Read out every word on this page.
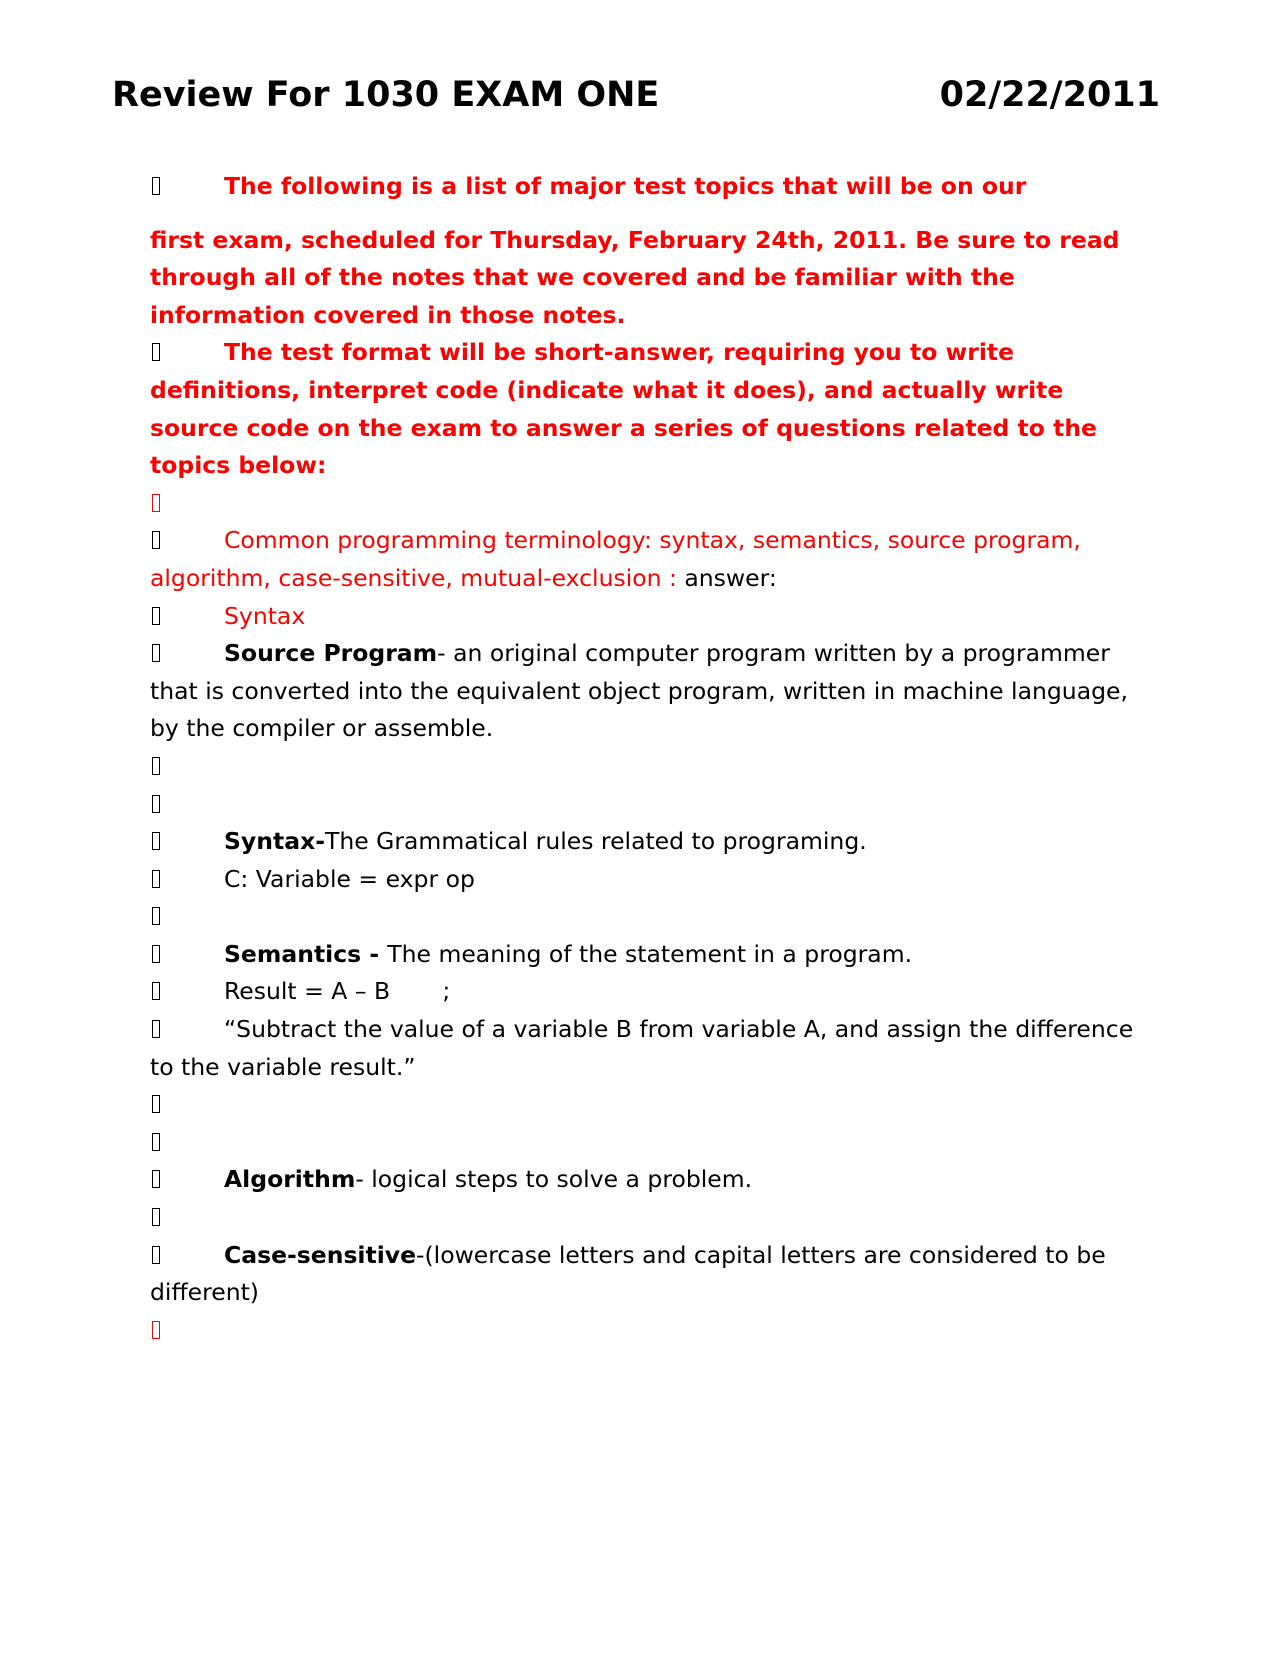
Review For 1030 EXAM ONE	02/22/2011

The following is a list of major test topics that will be on our

first exam, scheduled for Thursday, February 24th, 2011. Be sure to read through all of the notes that we covered and be familiar with the information covered in those notes.

The test format will be short-answer, requiring you to write definitions, interpret code (indicate what it does), and actually write source code on the exam to answer a series of questions related to the topics below:

Common programming terminology: syntax, semantics, source program, algorithm, case-sensitive, mutual-exclusion : answer:

Syntax

Source Program- an original computer program written by a programmer that is converted into the equivalent object program, written in machine language, by the compiler or assemble.

Syntax-The Grammatical rules related to programing.

C: Variable = expr op

Semantics - The meaning of the statement in a program.

Result = A – B       ;

“Subtract the value of a variable B from variable A, and assign the difference to the variable result.”

Algorithm- logical steps to solve a problem.

Case-sensitive-(lowercase letters and capital letters are considered to be different)
